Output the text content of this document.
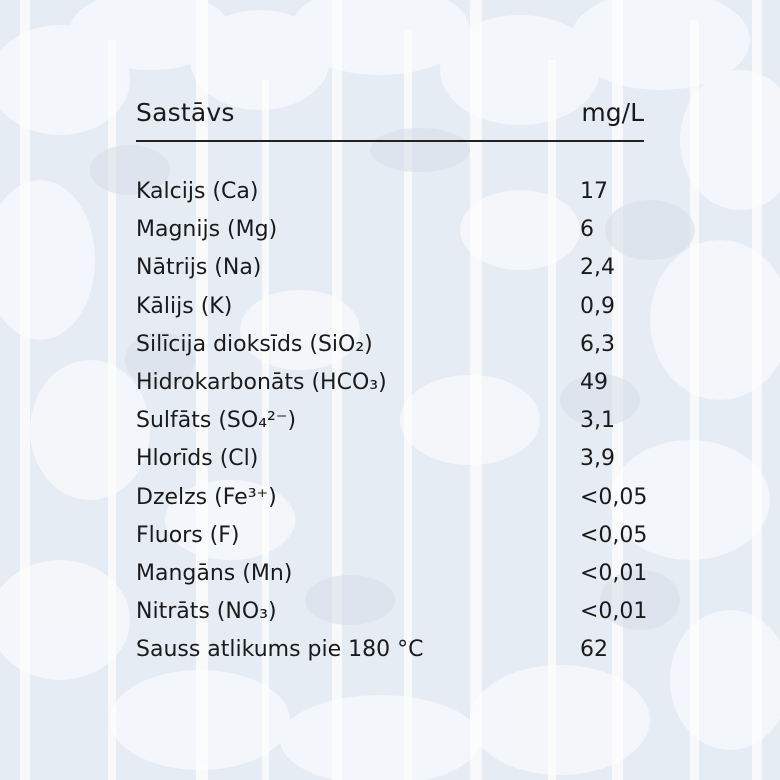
Sastāvs	mg/L
Kalcijs (Ca)	17
Magnijs (Mg)	6
Nātrijs (Na)	2,4
Kālijs (K)	0,9
Silīcija dioksīds (SiO₂)	6,3
Hidrokarbonāts (HCO₃)	49
Sulfāts (SO₄²⁻)	3,1
Hlorīds (Cl)	3,9
Dzelzs (Fe³⁺)	<0,05
Fluors (F)	<0,05
Mangāns (Mn)	<0,01
Nitrāts (NO₃)	<0,01
Sauss atlikums pie 180 °C	62
